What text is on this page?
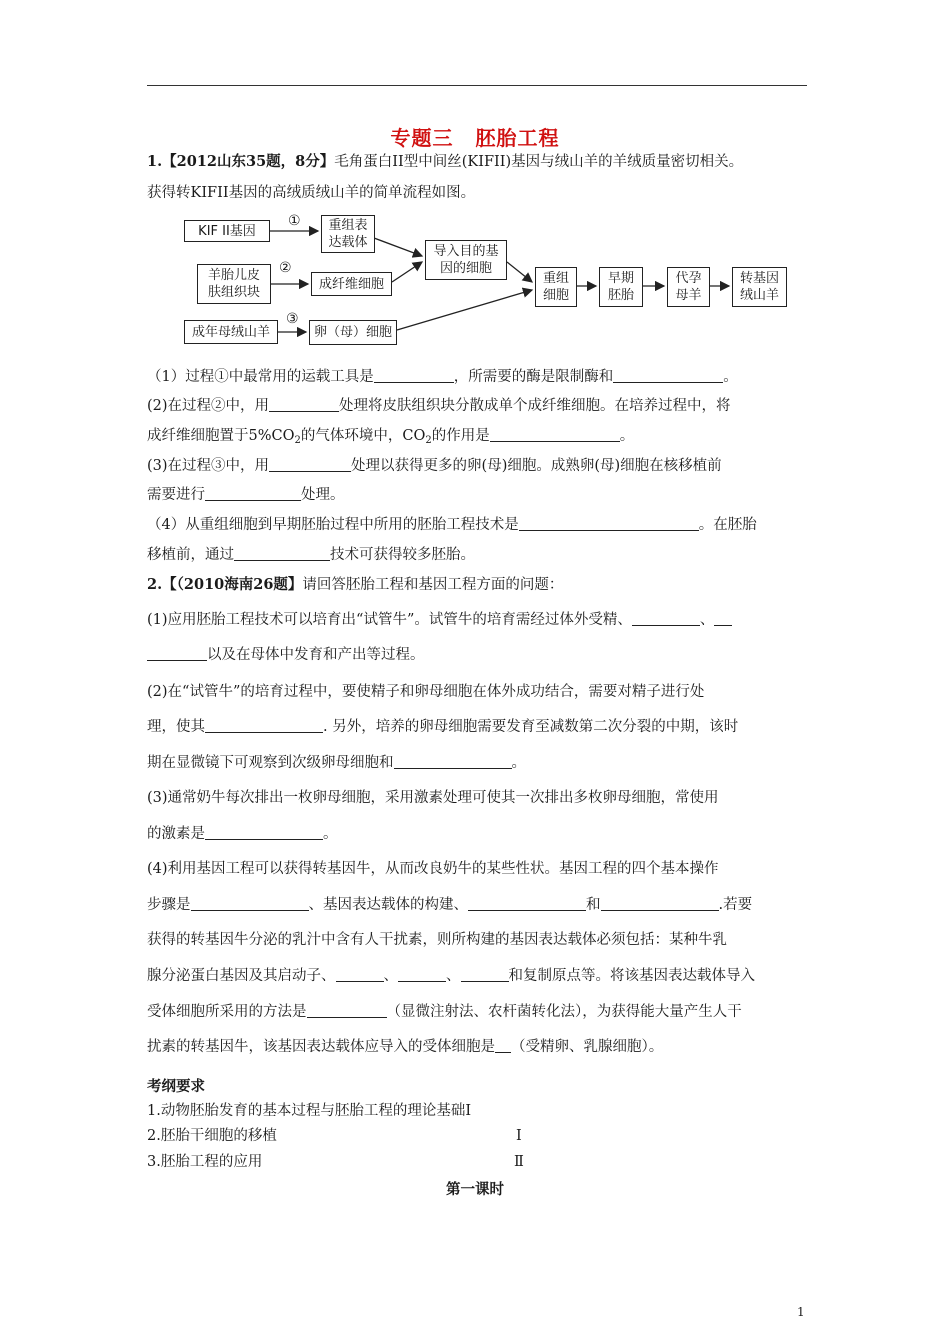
专题三 胚胎工程
1.【2012山东35题，8分】毛角蛋白II型中间丝(KIFII)基因与绒山羊的羊绒质量密切相关。
获得转KIFII基因的高绒质绒山羊的简单流程如图。
KIF II基因
① 重组表
达载体
羊胎儿皮
肤组织块
②
成纤维细胞
成年母绒山羊
③
卵（母）细胞
导入目的基
因的细胞
重组
细胞
早期
胚胎
代孕
母羊
转基因
绒山羊
（1）过程①中最常用的运载工具是	，所需要的酶是限制酶和	。
(2)在过程②中，用	处理将皮肤组织块分散成单个成纤维细胞。在培养过程中，将
成纤维细胞置于$5\%CO_2$的气体环境中，$CO_2$的作用是	。
(3)在过程③中，用	处理以获得更多的卵(母)细胞。成熟卵(母)细胞在核移植前
需要进行	处理。
（4）从重组细胞到早期胚胎过程中所用的胚胎工程技术是	。在胚胎
移植前，通过	技术可获得较多胚胎。
2.【（2010海南26题】请回答胚胎工程和基因工程方面的问题：
(1)应用胚胎工程技术可以培育出“试管牛”。试管牛的培育需经过体外受精、	、
以及在母体中发育和产出等过程。
(2)在“试管牛”的培育过程中，要使精子和卵母细胞在体外成功结合，需要对精子进行处
理，使其	. 另外，培养的卵母细胞需要发育至减数第二次分裂的中期，该时
期在显微镜下可观察到次级卵母细胞和	。
(3)通常奶牛每次排出一枚卵母细胞，采用激素处理可使其一次排出多枚卵母细胞，常使用
的激素是	。
(4)利用基因工程可以获得转基因牛，从而改良奶牛的某些性状。基因工程的四个基本操作
步骤是	、基因表达载体的构建、	和	.若要
获得的转基因牛分泌的乳汁中含有人干扰素，则所构建的基因表达载体必须包括：某种牛乳
腺分泌蛋白基因及其启动子、	、	、	和复制原点等。将该基因表达载体导入
受体细胞所采用的方法是	（显微注射法、农杆菌转化法），为获得能大量产生人干
扰素的转基因牛，该基因表达载体应导入的受体细胞是 （受精卵、乳腺细胞）。
考纲要求
1.动物胚胎发育的基本过程与胚胎工程的理论基础Ⅰ
2.胚胎干细胞的移植	Ⅰ
3.胚胎工程的应用	Ⅱ
第一课时
1
